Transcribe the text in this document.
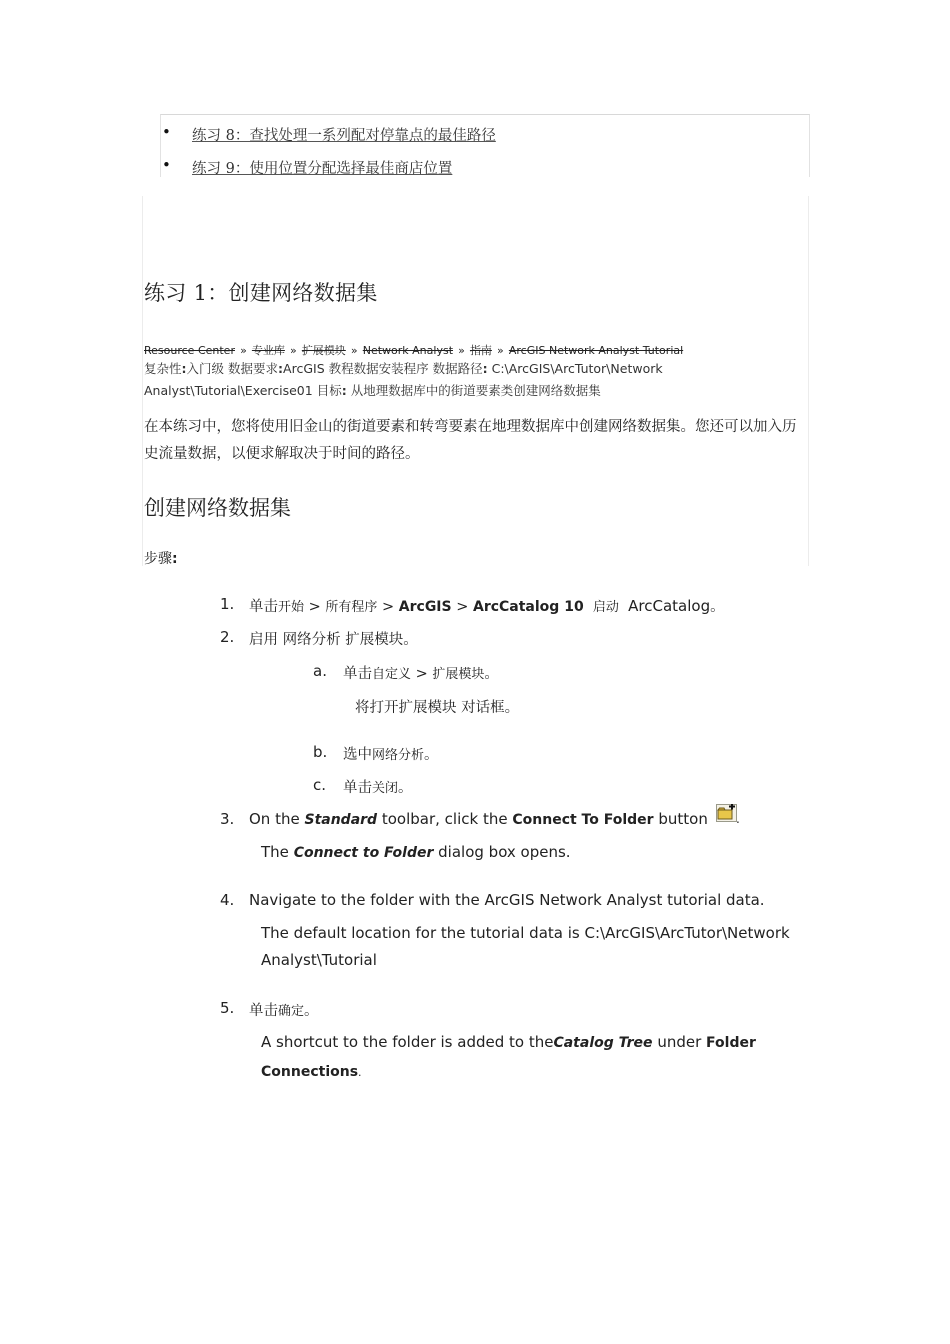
• 练习 8：查找处理一系列配对停靠点的最佳路径
• 练习 9：使用位置分配选择最佳商店位置
练习 1：创建网络数据集
Resource Center » 专业库 » 扩展模块 » Network Analyst » 指南 » ArcGIS Network Analyst Tutorial
复杂性:入门级 数据要求:ArcGIS 教程数据安装程序 数据路径: C:\ArcGIS\ArcTutor\Network
Analyst\Tutorial\Exercise01 目标: 从地理数据库中的街道要素类创建网络数据集
在本练习中，您将使用旧金山的街道要素和转弯要素在地理数据库中创建网络数据集。您还可以加入历史流量数据，以便求解取决于时间的路径。
创建网络数据集
步骤:
1. 单击开始 > 所有程序 > ArcGIS > ArcCatalog 10 启动 ArcCatalog。
2. 启用 网络分析 扩展模块。
a. 单击自定义 > 扩展模块。
将打开扩展模块 对话框。
b. 选中网络分析。
c. 单击关闭。
3. On the Standard toolbar, click the Connect To Folder button .
The Connect to Folder dialog box opens.
4. Navigate to the folder with the ArcGIS Network Analyst tutorial data.
The default location for the tutorial data is C:\ArcGIS\ArcTutor\Network
Analyst\Tutorial
5. 单击确定。
A shortcut to the folder is added to theCatalog Tree under Folder
Connections.
